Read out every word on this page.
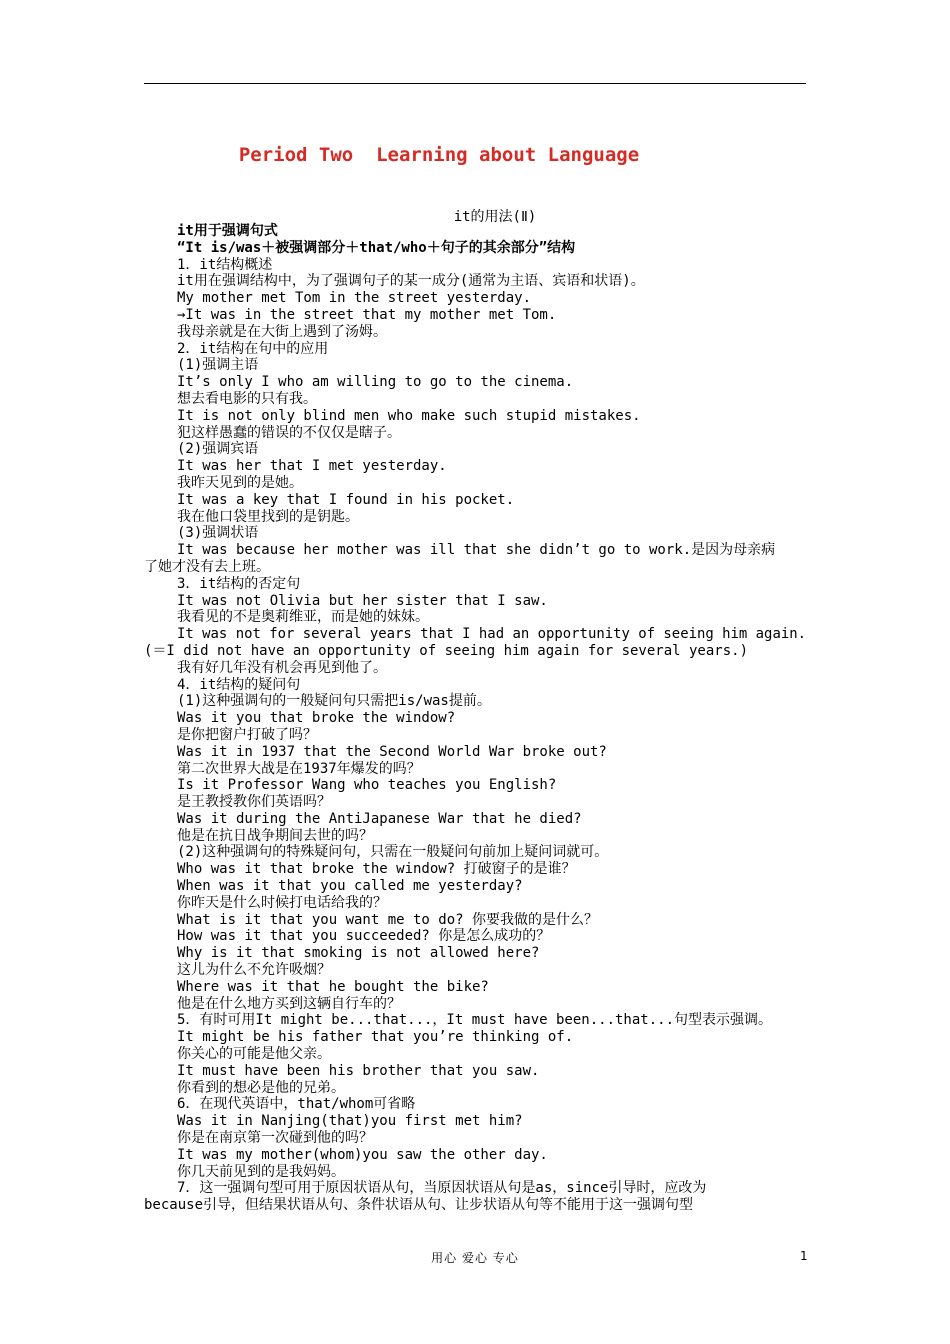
Period Two  Learning about Language
it的用法(Ⅱ)
it用于强调句式
“It is/was＋被强调部分＋that/who＋句子的其余部分”结构
1．it结构概述
it用在强调结构中，为了强调句子的某一成分(通常为主语、宾语和状语)。
My mother met Tom in the street yesterday.
→It was in the street that my mother met Tom.
我母亲就是在大街上遇到了汤姆。
2．it结构在句中的应用
(1)强调主语
It’s only I who am willing to go to the cinema.
想去看电影的只有我。
It is not only blind men who make such stupid mistakes.
犯这样愚蠢的错误的不仅仅是瞎子。
(2)强调宾语
It was her that I met yesterday.
我昨天见到的是她。
It was a key that I found in his pocket.
我在他口袋里找到的是钥匙。
(3)强调状语
It was because her mother was ill that she didn’t go to work.是因为母亲病
了她才没有去上班。
3．it结构的否定句
It was not Olivia but her sister that I saw.
我看见的不是奥莉维亚，而是她的妹妹。
It was not for several years that I had an opportunity of seeing him again.
(＝I did not have an opportunity of seeing him again for several years.)
我有好几年没有机会再见到他了。
4．it结构的疑问句
(1)这种强调句的一般疑问句只需把is/was提前。
Was it you that broke the window?
是你把窗户打破了吗？
Was it in 1937 that the Second World War broke out?
第二次世界大战是在1937年爆发的吗？
Is it Professor Wang who teaches you English?
是王教授教你们英语吗？
Was it during the AntiJapanese War that he died?
他是在抗日战争期间去世的吗？
(2)这种强调句的特殊疑问句，只需在一般疑问句前加上疑问词就可。
Who was it that broke the window? 打破窗子的是谁？
When was it that you called me yesterday?
你昨天是什么时候打电话给我的？
What is it that you want me to do? 你要我做的是什么？
How was it that you succeeded? 你是怎么成功的？
Why is it that smoking is not allowed here?
这儿为什么不允许吸烟？
Where was it that he bought the bike?
他是在什么地方买到这辆自行车的？
5．有时可用It might be...that...，It must have been...that...句型表示强调。
It might be his father that you’re thinking of.
你关心的可能是他父亲。
It must have been his brother that you saw.
你看到的想必是他的兄弟。
6．在现代英语中，that/whom可省略
Was it in Nanjing(that)you first met him?
你是在南京第一次碰到他的吗？
It was my mother(whom)you saw the other day.
你几天前见到的是我妈妈。
7．这一强调句型可用于原因状语从句，当原因状语从句是as，since引导时，应改为
because引导，但结果状语从句、条件状语从句、让步状语从句等不能用于这一强调句型
用心 爱心 专心	1
